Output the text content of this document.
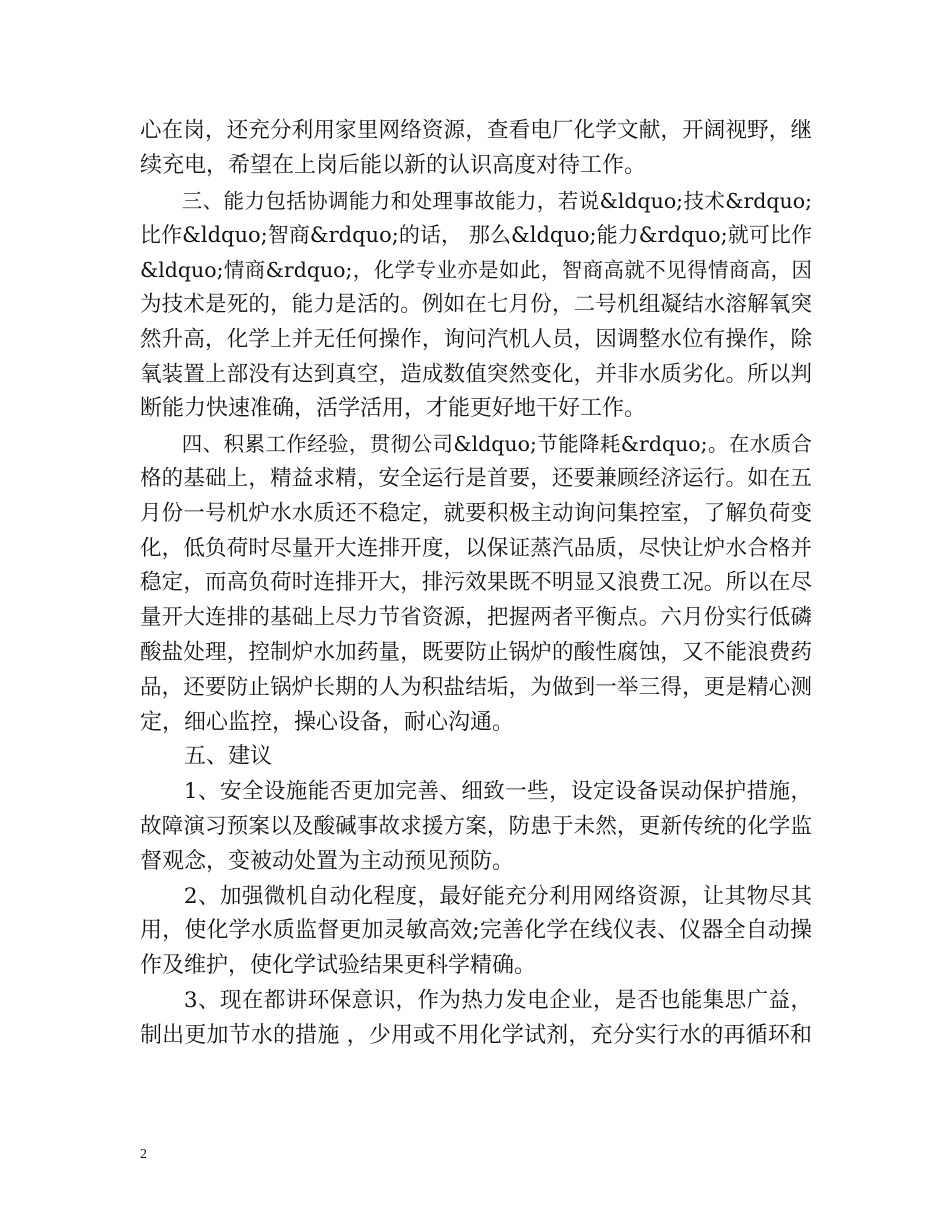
心在岗，还充分利用家里网络资源，查看电厂化学文献，开阔视野，继
续充电，希望在上岗后能以新的认识高度对待工作。
　　三、能力包括协调能力和处理事故能力，若说&ldquo;技术&rdquo;
比作&ldquo;智商&rdquo;的话， 那么&ldquo;能力&rdquo;就可比作
&ldquo;情商&rdquo;，化学专业亦是如此，智商高就不见得情商高，因
为技术是死的，能力是活的。例如在七月份，二号机组凝结水溶解氧突
然升高，化学上并无任何操作，询问汽机人员，因调整水位有操作，除
氧装置上部没有达到真空，造成数值突然变化，并非水质劣化。所以判
断能力快速准确，活学活用，才能更好地干好工作。
　　四、积累工作经验，贯彻公司&ldquo;节能降耗&rdquo;。在水质合
格的基础上，精益求精，安全运行是首要，还要兼顾经济运行。如在五
月份一号机炉水水质还不稳定，就要积极主动询问集控室，了解负荷变
化，低负荷时尽量开大连排开度，以保证蒸汽品质，尽快让炉水合格并
稳定，而高负荷时连排开大，排污效果既不明显又浪费工况。所以在尽
量开大连排的基础上尽力节省资源，把握两者平衡点。六月份实行低磷
酸盐处理，控制炉水加药量，既要防止锅炉的酸性腐蚀，又不能浪费药
品，还要防止锅炉长期的人为积盐结垢，为做到一举三得，更是精心测
定，细心监控，操心设备，耐心沟通。
　　五、建议
　　1、安全设施能否更加完善、细致一些，设定设备误动保护措施，
故障演习预案以及酸碱事故求援方案，防患于未然，更新传统的化学监
督观念，变被动处置为主动预见预防。
　　2、加强微机自动化程度，最好能充分利用网络资源，让其物尽其
用，使化学水质监督更加灵敏高效;完善化学在线仪表、仪器全自动操
作及维护，使化学试验结果更科学精确。
　　3、现在都讲环保意识，作为热力发电企业，是否也能集思广益，
制出更加节水的措施 ，少用或不用化学试剂，充分实行水的再循环和
2
